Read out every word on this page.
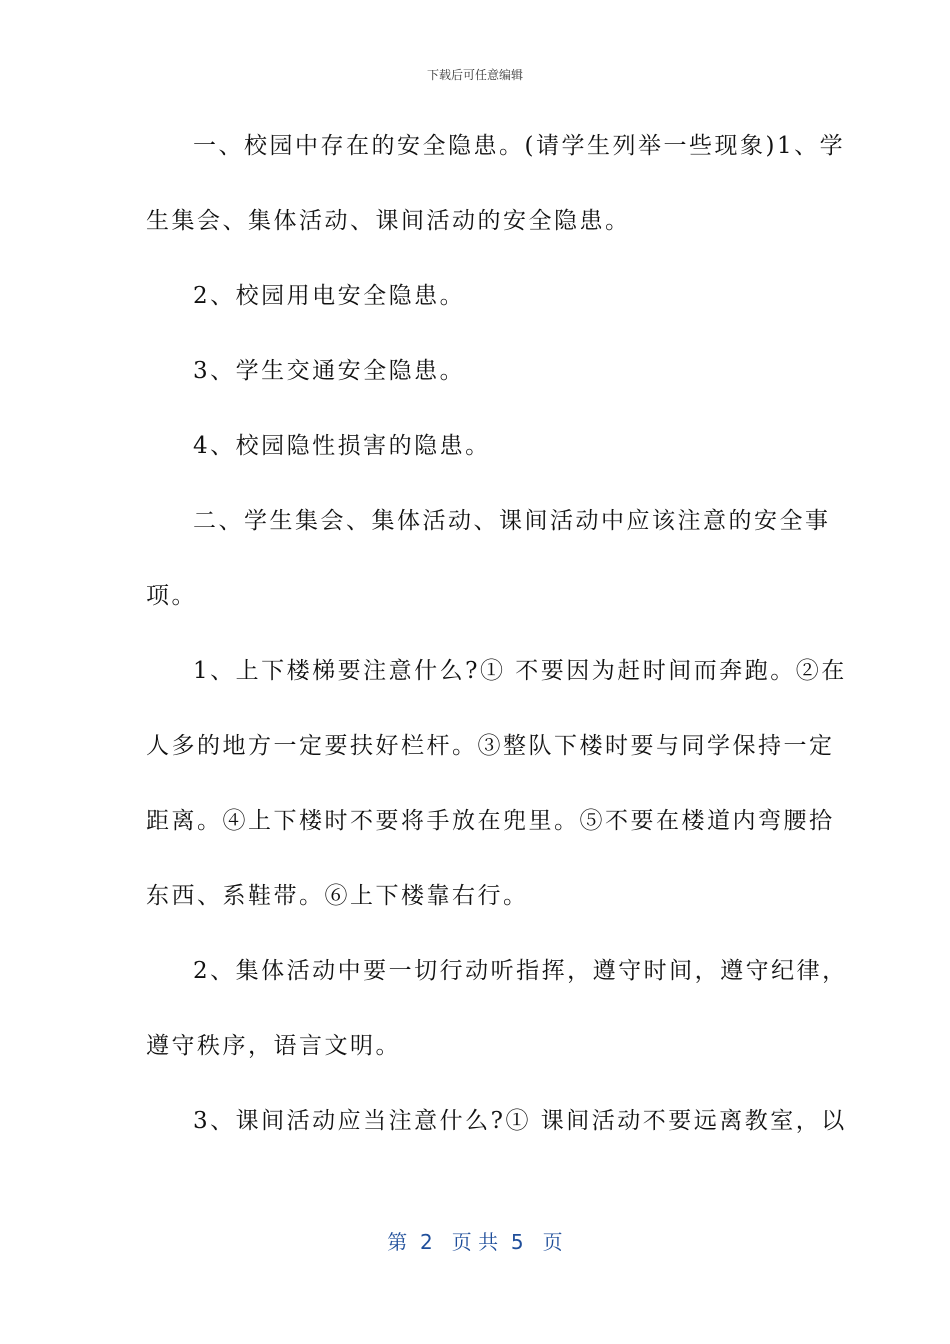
下载后可任意编辑
一、校园中存在的安全隐患。(请学生列举一些现象)1、学
生集会、集体活动、课间活动的安全隐患。
2、校园用电安全隐患。
3、学生交通安全隐患。
4、校园隐性损害的隐患。
二、学生集会、集体活动、课间活动中应该注意的安全事
项。
1、上下楼梯要注意什么?① 不要因为赶时间而奔跑。②在
人多的地方一定要扶好栏杆。③整队下楼时要与同学保持一定
距离。④上下楼时不要将手放在兜里。⑤不要在楼道内弯腰拾
东西、系鞋带。⑥上下楼靠右行。
2、集体活动中要一切行动听指挥，遵守时间，遵守纪律，
遵守秩序，语言文明。
3、课间活动应当注意什么?① 课间活动不要远离教室，以
第  2   页 共  5   页
